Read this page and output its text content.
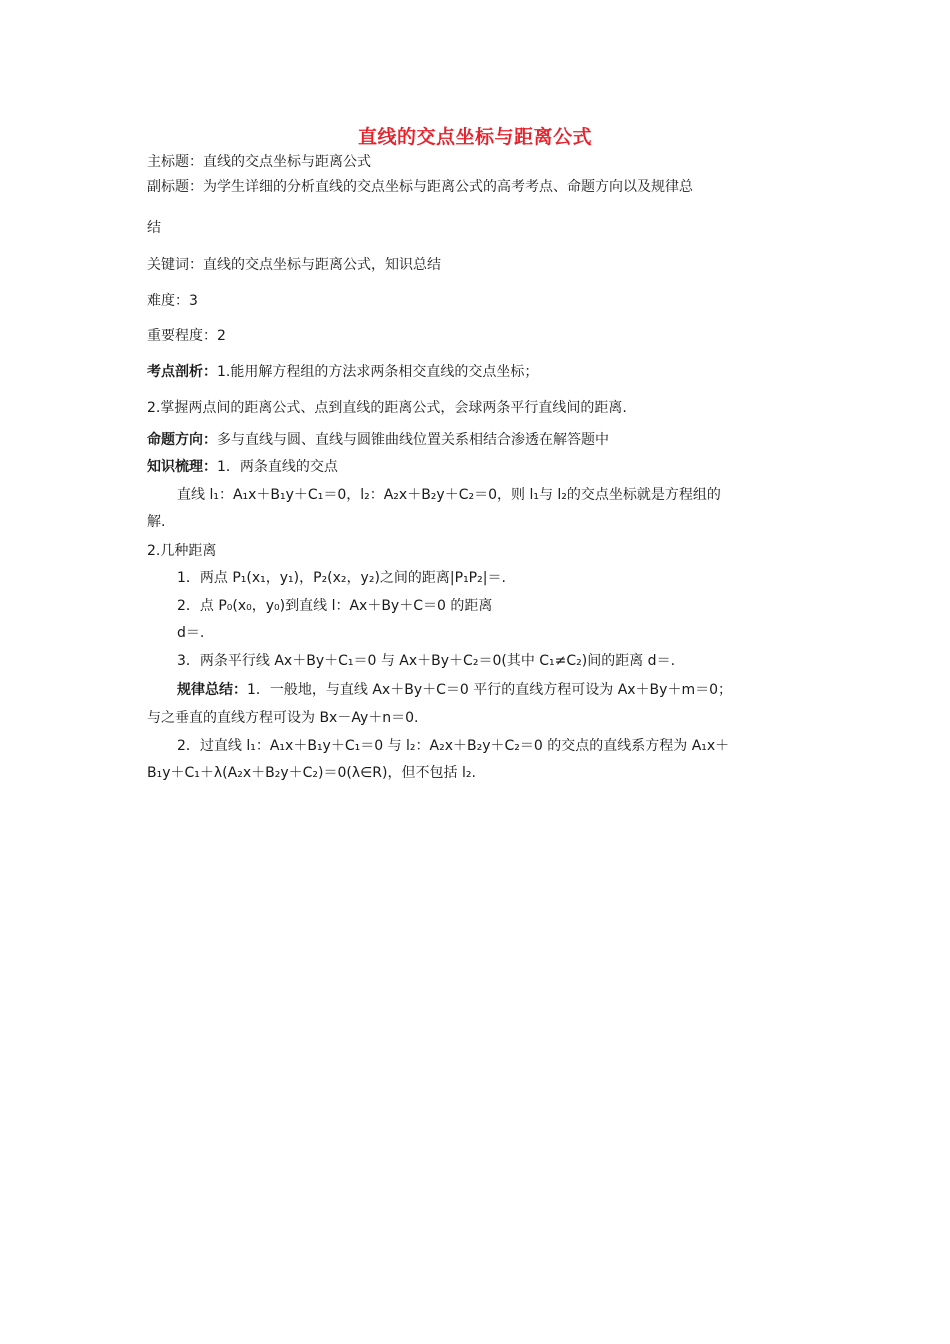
直线的交点坐标与距离公式
主标题：直线的交点坐标与距离公式
副标题：为学生详细的分析直线的交点坐标与距离公式的高考考点、命题方向以及规律总
结
关键词：直线的交点坐标与距离公式，知识总结
难度：3
重要程度：2
考点剖析：1.能用解方程组的方法求两条相交直线的交点坐标；
2.掌握两点间的距离公式、点到直线的距离公式，会球两条平行直线间的距离.
命题方向：多与直线与圆、直线与圆锥曲线位置关系相结合渗透在解答题中
知识梳理：1．两条直线的交点
直线 l₁：A₁x＋B₁y＋C₁＝0，l₂：A₂x＋B₂y＋C₂＝0，则 l₁与 l₂的交点坐标就是方程组的
解.
2.几种距离
1．两点 P₁(x₁，y₁)，P₂(x₂，y₂)之间的距离|P₁P₂|＝.
2．点 P₀(x₀，y₀)到直线 l：Ax＋By＋C＝0 的距离
d＝.
3．两条平行线 Ax＋By＋C₁＝0 与 Ax＋By＋C₂＝0(其中 C₁≠C₂)间的距离 d＝.
规律总结：1．一般地，与直线 Ax＋By＋C＝0 平行的直线方程可设为 Ax＋By＋m＝0；
与之垂直的直线方程可设为 Bx－Ay＋n＝0.
2．过直线 l₁：A₁x＋B₁y＋C₁＝0 与 l₂：A₂x＋B₂y＋C₂＝0 的交点的直线系方程为 A₁x＋
B₁y＋C₁＋λ(A₂x＋B₂y＋C₂)＝0(λ∈R)，但不包括 l₂.
